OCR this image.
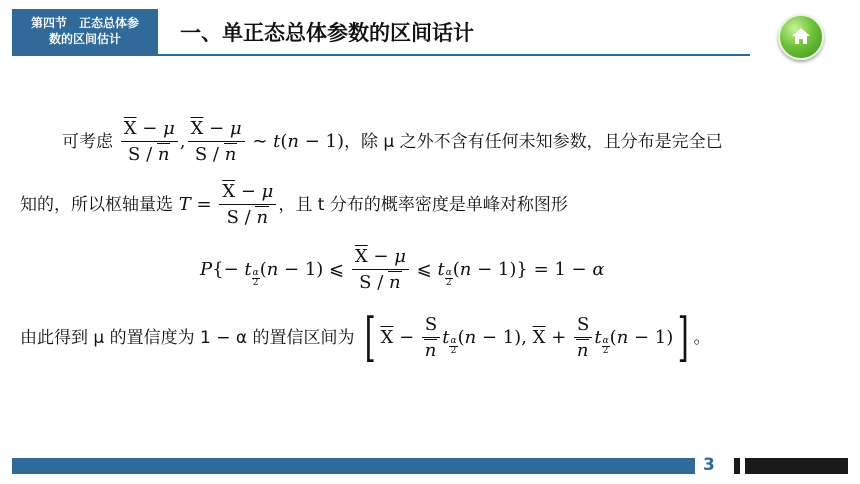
第四节　正态总体参
数的区间估计	一、单正态总体参数的区间话计
可考虑 $\frac{\overline{X} - \mu}{S / n}$ , $\frac{\overline{X} - \mu}{S / n}$ ∼ t(n − 1)，除 μ 之外不含有任何未知参数，且分布是完全已
知的，所以枢轴量选 $T = \frac{\overline{X} - \mu}{S / n}$ ，且 t 分布的概率密度是单峰对称图形
P{− t $\frac{\alpha}{2} (n - 1)$ ⩽ $\frac{\overline{X} - \mu}{S / n}$ ⩽ t $\frac{\alpha}{2} (n - 1)\} = 1 - \alpha$
由此得到 μ 的置信度为 1 − α 的置信区间为 [ $\overline{X} - \frac{S}{n}$ t $\frac{\alpha}{2} (n - 1)$, $\overline{X} + \frac{S}{n}$ t $\frac{\alpha}{2} (n - 1)$] 。
3
